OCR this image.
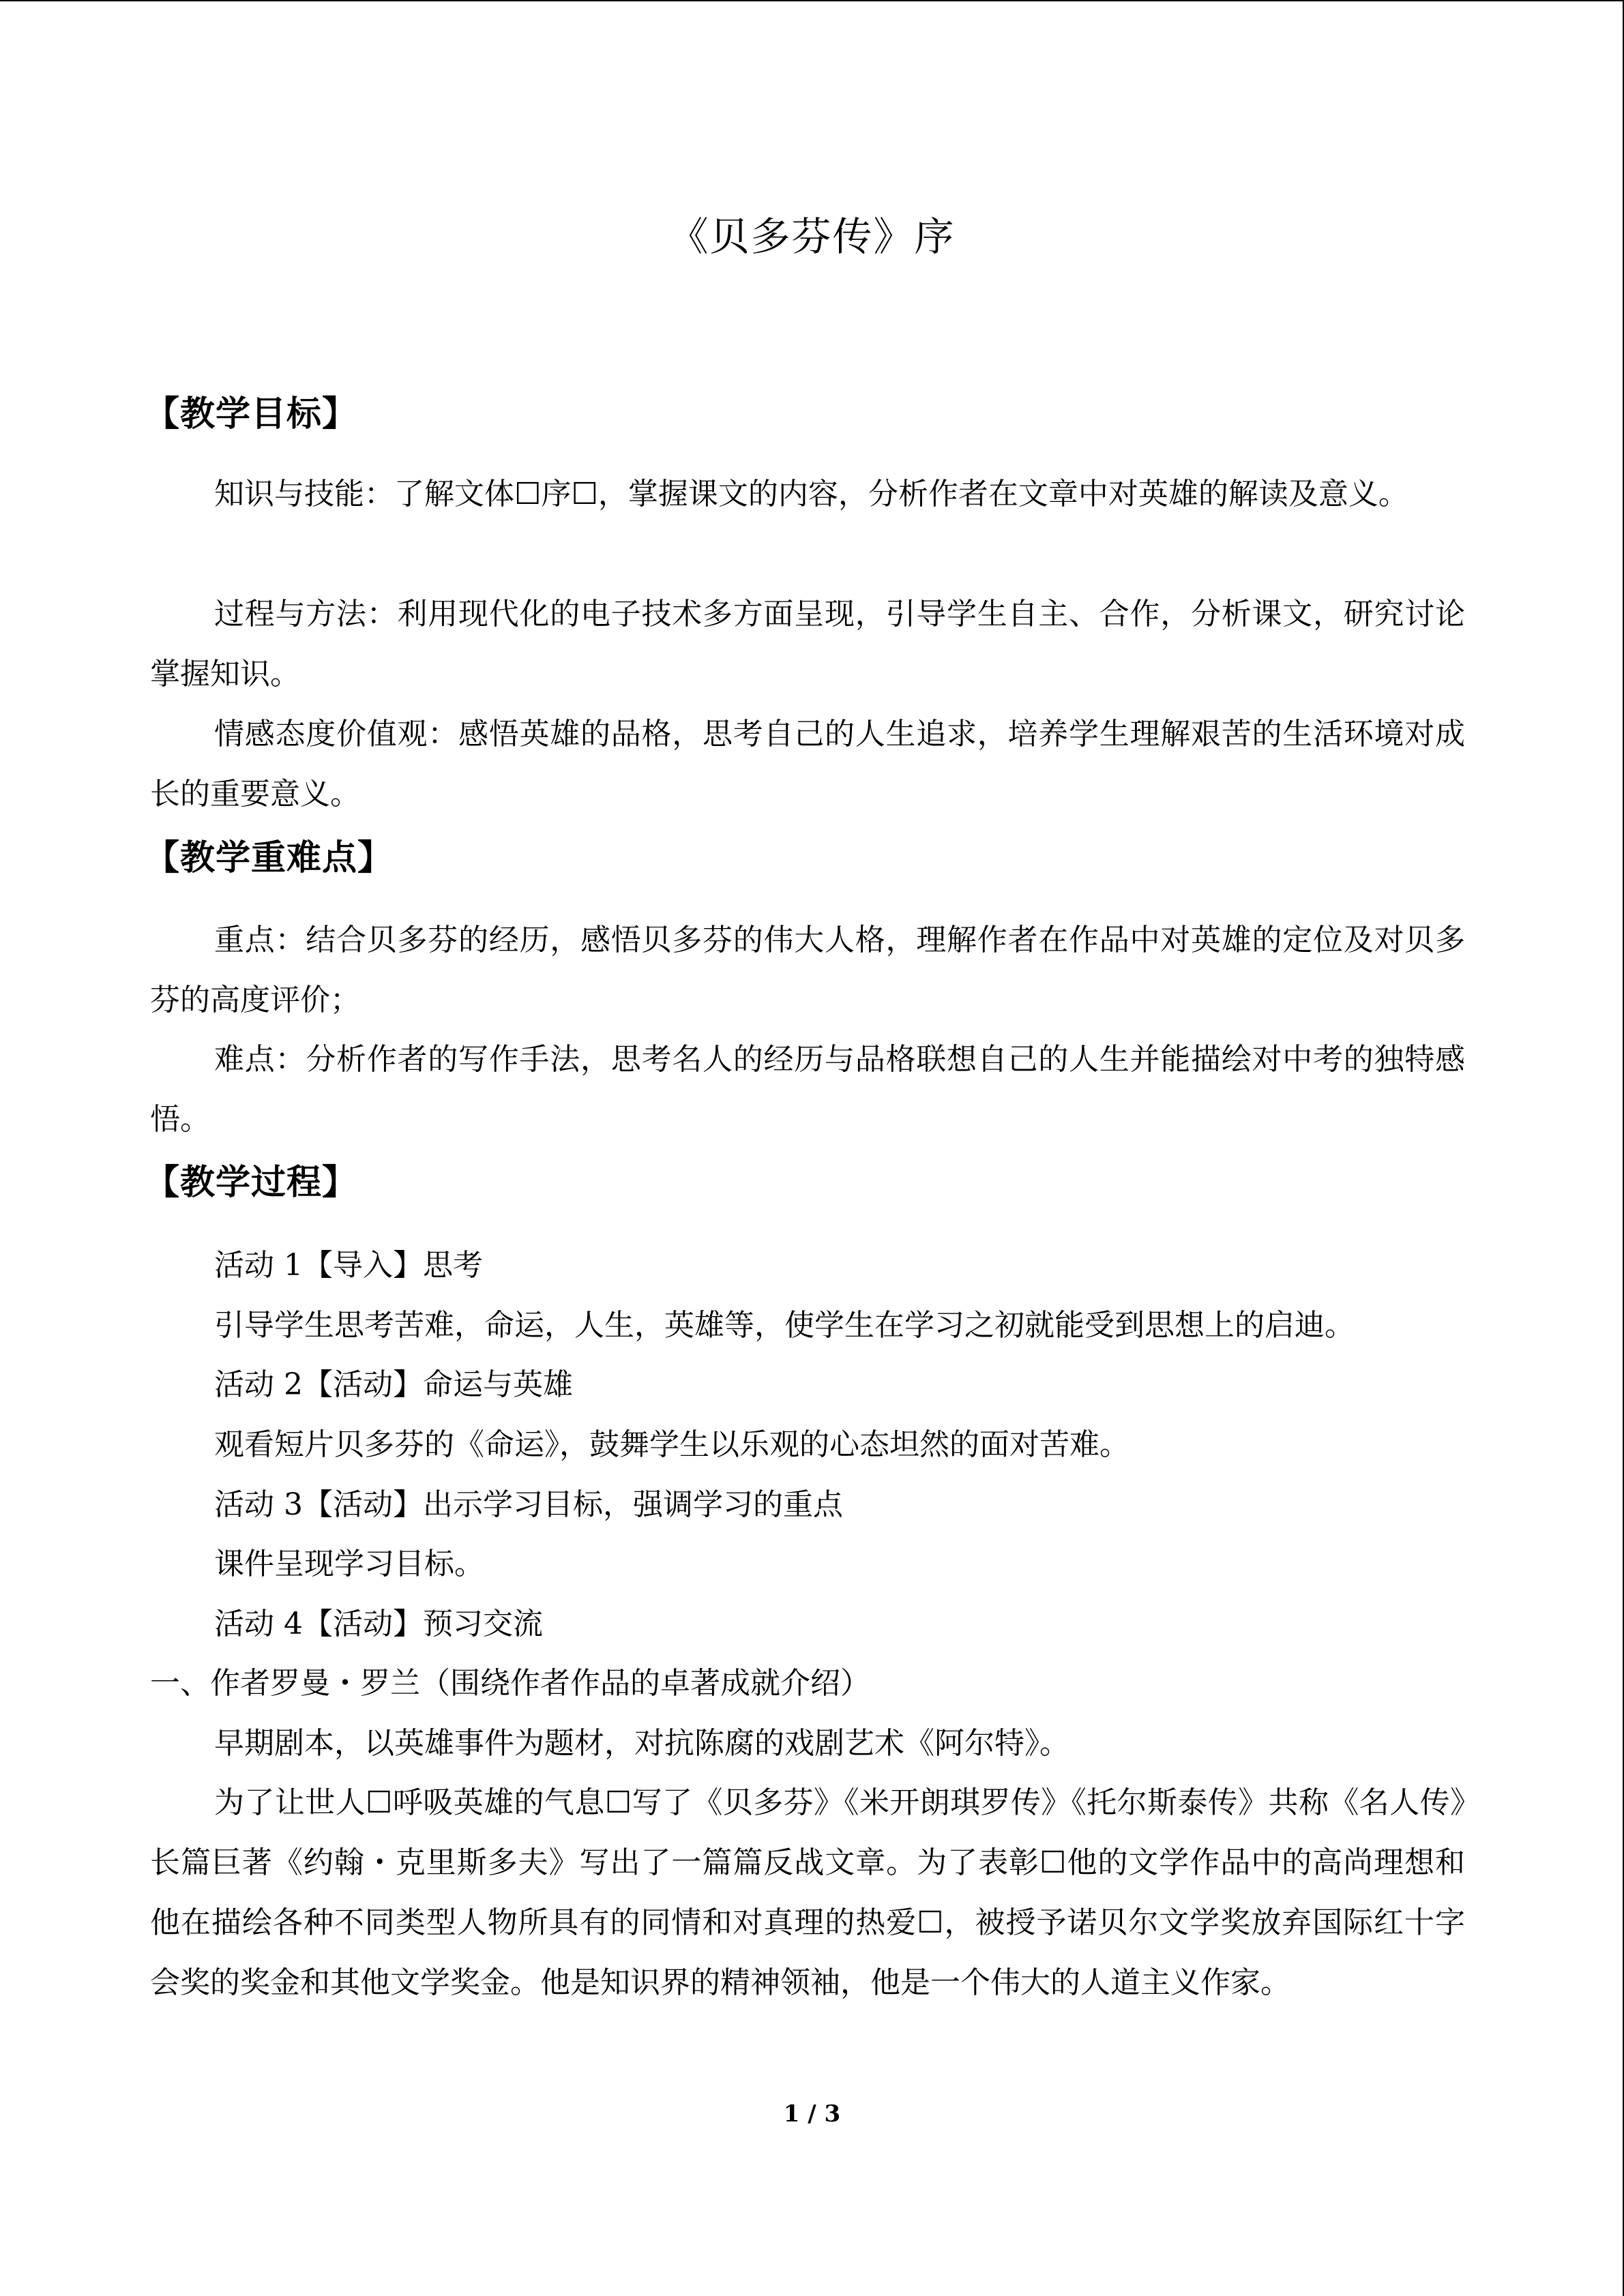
《贝多芬传》序
【教学目标】

知识与技能：了解文体☐序☐，掌握课文的内容，分析作者在文章中对英雄的解读及意义。

过程与方法：利用现代化的电子技术多方面呈现，引导学生自主、合作，分析课文，研究讨论掌握知识。

情感态度价值观：感悟英雄的品格，思考自己的人生追求，培养学生理解艰苦的生活环境对成长的重要意义。

【教学重难点】

重点：结合贝多芬的经历，感悟贝多芬的伟大人格，理解作者在作品中对英雄的定位及对贝多芬的高度评价；

难点：分析作者的写作手法，思考名人的经历与品格联想自己的人生并能描绘对中考的独特感悟。

【教学过程】

活动 1【导入】思考

引导学生思考苦难，命运，人生，英雄等，使学生在学习之初就能受到思想上的启迪。

活动 2【活动】命运与英雄

观看短片贝多芬的《命运》，鼓舞学生以乐观的心态坦然的面对苦难。

活动 3【活动】出示学习目标，强调学习的重点

课件呈现学习目标。

活动 4【活动】预习交流

一、作者罗曼・罗兰（围绕作者作品的卓著成就介绍）

早期剧本，以英雄事件为题材，对抗陈腐的戏剧艺术《阿尔特》。

为了让世人☐呼吸英雄的气息☐写了《贝多芬》《米开朗琪罗传》《托尔斯泰传》共称《名人传》长篇巨著《约翰・克里斯多夫》写出了一篇篇反战文章。为了表彰☐他的文学作品中的高尚理想和他在描绘各种不同类型人物所具有的同情和对真理的热爱☐，被授予诺贝尔文学奖放弃国际红十字会奖的奖金和其他文学奖金。他是知识界的精神领袖，他是一个伟大的人道主义作家。

1 / 3
